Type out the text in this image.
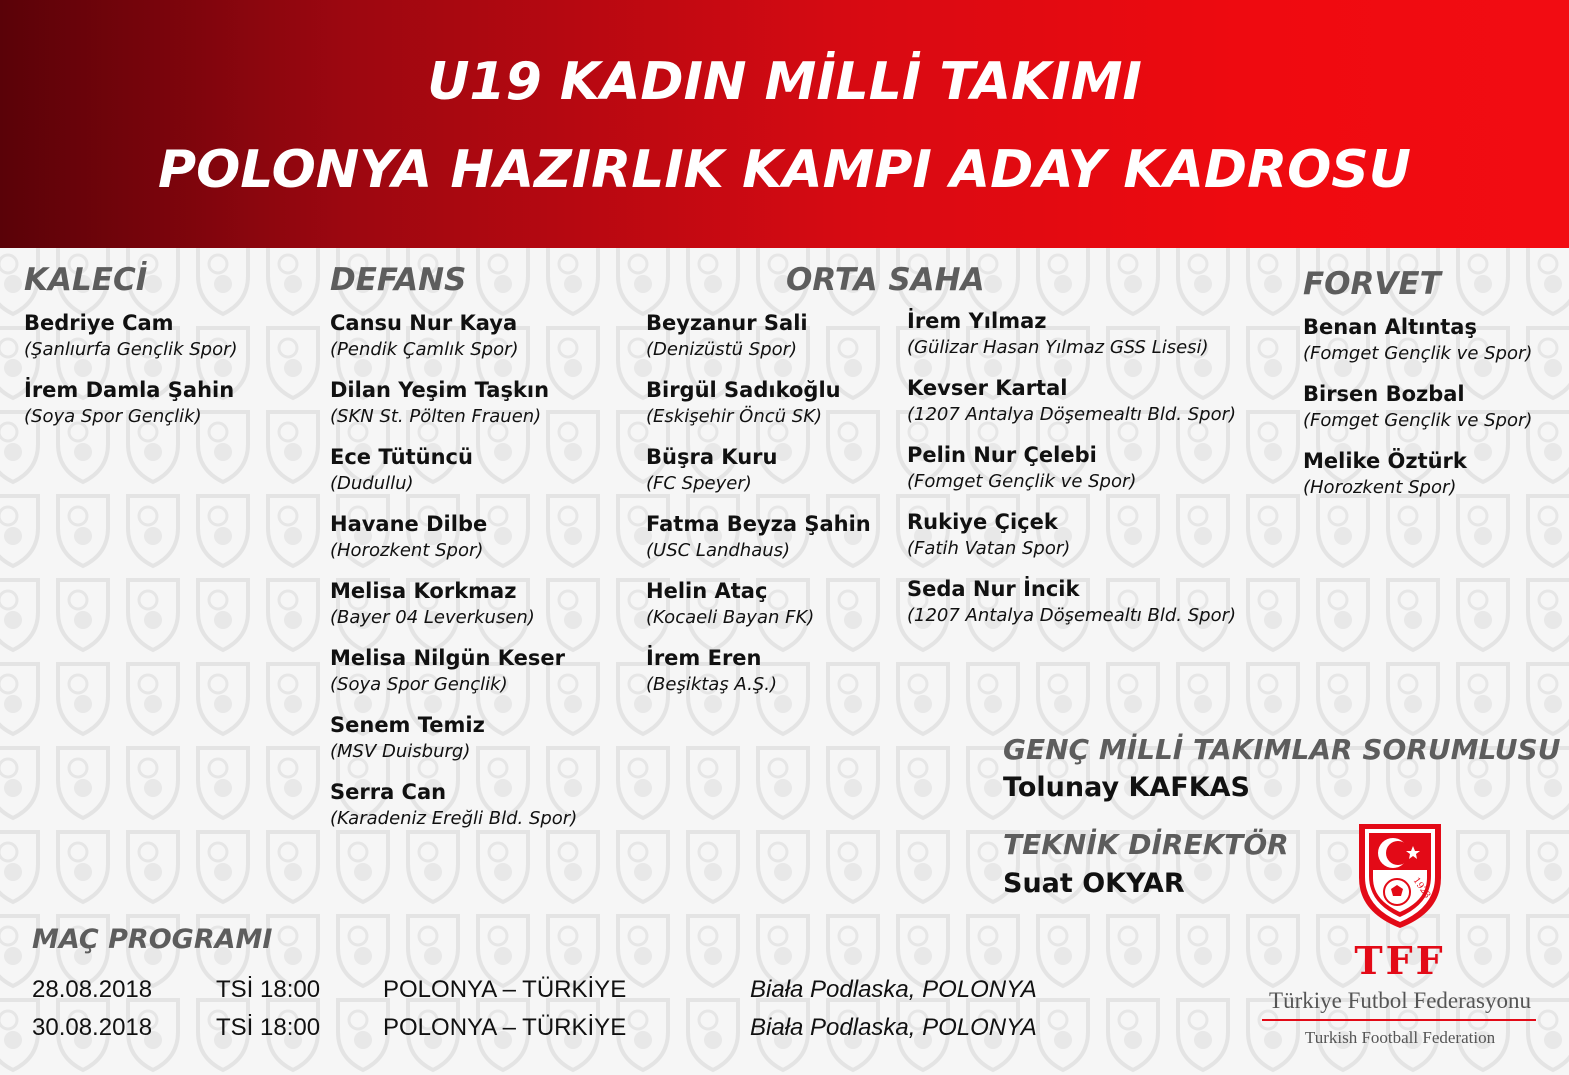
U19 KADIN MİLLİ TAKIMI
POLONYA HAZIRLIK KAMPI ADAY KADROSU
KALECİ
Bedriye Cam
(Şanlıurfa Gençlik Spor)
İrem Damla Şahin
(Soya Spor Gençlik)
DEFANS
Cansu Nur Kaya
(Pendik Çamlık Spor)
Dilan Yeşim Taşkın
(SKN St. Pölten Frauen)
Ece Tütüncü
(Dudullu)
Havane Dilbe
(Horozkent Spor)
Melisa Korkmaz
(Bayer 04 Leverkusen)
Melisa Nilgün Keser
(Soya Spor Gençlik)
Senem Temiz
(MSV Duisburg)
Serra Can
(Karadeniz Ereğli Bld. Spor)
ORTA SAHA
Beyzanur Sali
(Denizüstü Spor)
Birgül Sadıkoğlu
(Eskişehir Öncü SK)
Büşra Kuru
(FC Speyer)
Fatma Beyza Şahin
(USC Landhaus)
Helin Ataç
(Kocaeli Bayan FK)
İrem Eren
(Beşiktaş A.Ş.)
İrem Yılmaz
(Gülizar Hasan Yılmaz GSS Lisesi)
Kevser Kartal
(1207 Antalya Döşemealtı Bld. Spor)
Pelin Nur Çelebi
(Fomget Gençlik ve Spor)
Rukiye Çiçek
(Fatih Vatan Spor)
Seda Nur İncik
(1207 Antalya Döşemealtı Bld. Spor)
FORVET
Benan Altıntaş
(Fomget Gençlik ve Spor)
Birsen Bozbal
(Fomget Gençlik ve Spor)
Melike Öztürk
(Horozkent Spor)
GENÇ MİLLİ TAKIMLAR SORUMLUSU
Tolunay KAFKAS
TEKNİK DİREKTÖR
Suat OKYAR
MAÇ PROGRAMI
28.08.2018	TSİ 18:00	POLONYA – TÜRKİYE	Biała Podlaska, POLONYA
30.08.2018	TSİ 18:00	POLONYA – TÜRKİYE	Biała Podlaska, POLONYA
1923
TFF
Türkiye Futbol Federasyonu
Turkish Football Federation
